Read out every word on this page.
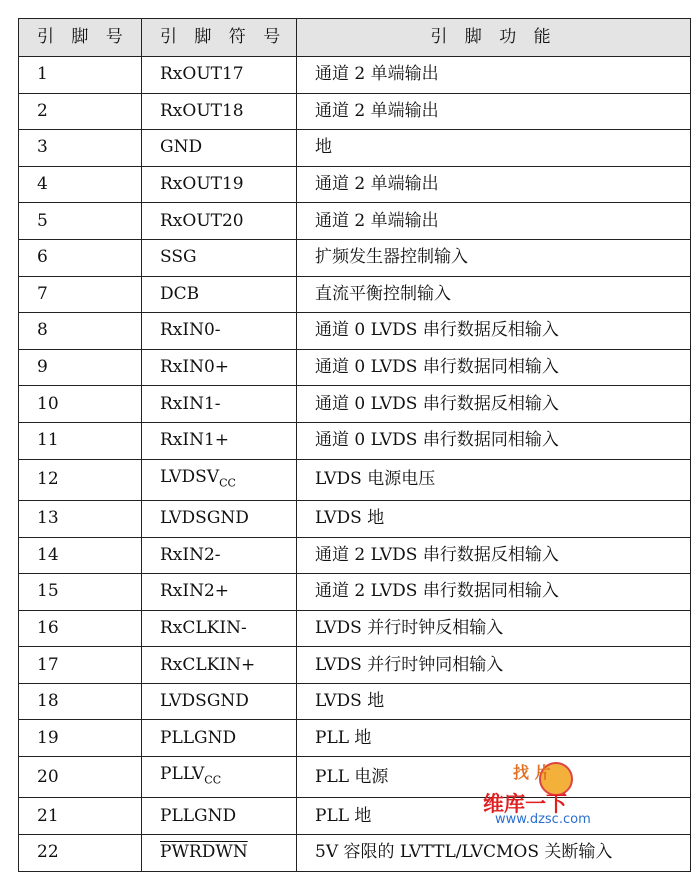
引 脚 号	引 脚 符 号	引 脚 功 能
1	RxOUT17	通道 2 单端输出
2	RxOUT18	通道 2 单端输出
3	GND	地
4	RxOUT19	通道 2 单端输出
5	RxOUT20	通道 2 单端输出
6	SSG	扩频发生器控制输入
7	DCB	直流平衡控制输入
8	RxIN0-	通道 0 LVDS 串行数据反相输入
9	RxIN0+	通道 0 LVDS 串行数据同相输入
10	RxIN1-	通道 0 LVDS 串行数据反相输入
11	RxIN1+	通道 0 LVDS 串行数据同相输入
12	$LVDSV_{CC}$	LVDS 电源电压
13	LVDSGND	LVDS 地
14	RxIN2-	通道 2 LVDS 串行数据反相输入
15	RxIN2+	通道 2 LVDS 串行数据同相输入
16	RxCLKIN-	LVDS 并行时钟反相输入
17	RxCLKIN+	LVDS 并行时钟同相输入
18	LVDSGND	LVDS 地
19	PLLGND	PLL 地
20	$PLLV_{CC}$	PLL 电源
21	PLLGND	PLL 地
22	PWRDWN	5V 容限的 LVTTL/LVCMOS 关断输入
找 片
维库一下
www.dzsc.com
